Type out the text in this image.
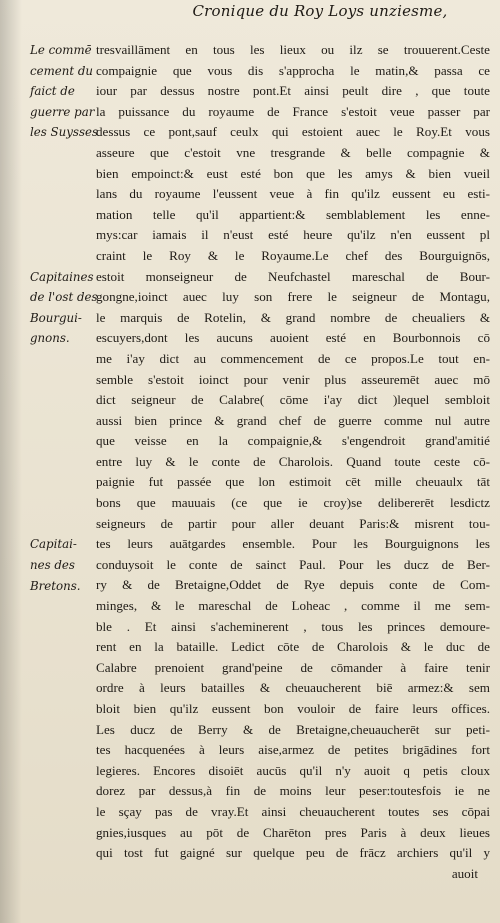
Cronique du Roy Loys unziesme,
Le commē
cement du
faict de
guerre par
les Suysses
Capitaines
de l'ost des
Bourgui-
gnons.
Capitai-
nes des
Bretons.
tresvaillāment en tous les lieux ou ilz se trouuerent.Ceste
compaignie que vous dis s'approcha le matin,& passa ce
iour par dessus nostre pont.Et ainsi peult dire , que toute
la puissance du royaume de France s'estoit veue passer par
dessus ce pont,sauf ceulx qui estoient auec le Roy.Et vous
asseure que c'estoit vne tresgrande & belle compagnie &
bien empoinct:& eust esté bon que les amys & bien vueil
lans du royaume l'eussent veue à fin qu'ilz eussent eu esti-
mation telle qu'il appartient:& semblablement les enne-
mys:car iamais il n'eust esté heure qu'ilz n'en eussent pl
craint le Roy & le Royaume.Le chef des Bourguignōs,
estoit monseigneur de Neufchastel mareschal de Bour-
gongne,ioinct auec luy son frere le seigneur de Montagu,
le marquis de Rotelin, & grand nombre de cheualiers &
escuyers,dont les aucuns auoient esté en Bourbonnois cō
me i'ay dict au commencement de ce propos.Le tout en-
semble s'estoit ioinct pour venir plus asseuremēt auec mō
dict seigneur de Calabre( cōme i'ay dict )lequel sembloit
aussi bien prince & grand chef de guerre comme nul autre
que veisse en la compaignie,& s'engendroit grand'amitié
entre luy & le conte de Charolois. Quand toute ceste cō-
paignie fut passée que lon estimoit cēt mille cheuaulx tāt
bons que mauuais (ce que ie croy)se delibererēt lesdictz
seigneurs de partir pour aller deuant Paris:& misrent tou-
tes leurs auātgardes ensemble. Pour les Bourguignons les
conduysoit le conte de sainct Paul. Pour les ducz de Ber-
ry & de Bretaigne,Oddet de Rye depuis conte de Com-
minges, & le mareschal de Loheac , comme il me sem-
ble . Et ainsi s'acheminerent , tous les princes demoure-
rent en la bataille. Ledict cōte de Charolois & le duc de
Calabre prenoient grand'peine de cōmander à faire tenir
ordre à leurs batailles & cheuaucherent biē armez:& sem
bloit bien qu'ilz eussent bon vouloir de faire leurs offices.
Les ducz de Berry & de Bretaigne,cheuaucherēt sur peti-
tes hacquenées à leurs aise,armez de petites brigādines fort
legieres. Encores disoiēt aucūs qu'il n'y auoit q petis cloux
dorez par dessus,à fin de moins leur peser:toutesfois ie ne
le sçay pas de vray.Et ainsi cheuaucherent toutes ses cōpai
gnies,iusques au pōt de Charēton pres Paris à deux lieues
qui tost fut gaigné sur quelque peu de frācz archiers qu'il y
auoit
